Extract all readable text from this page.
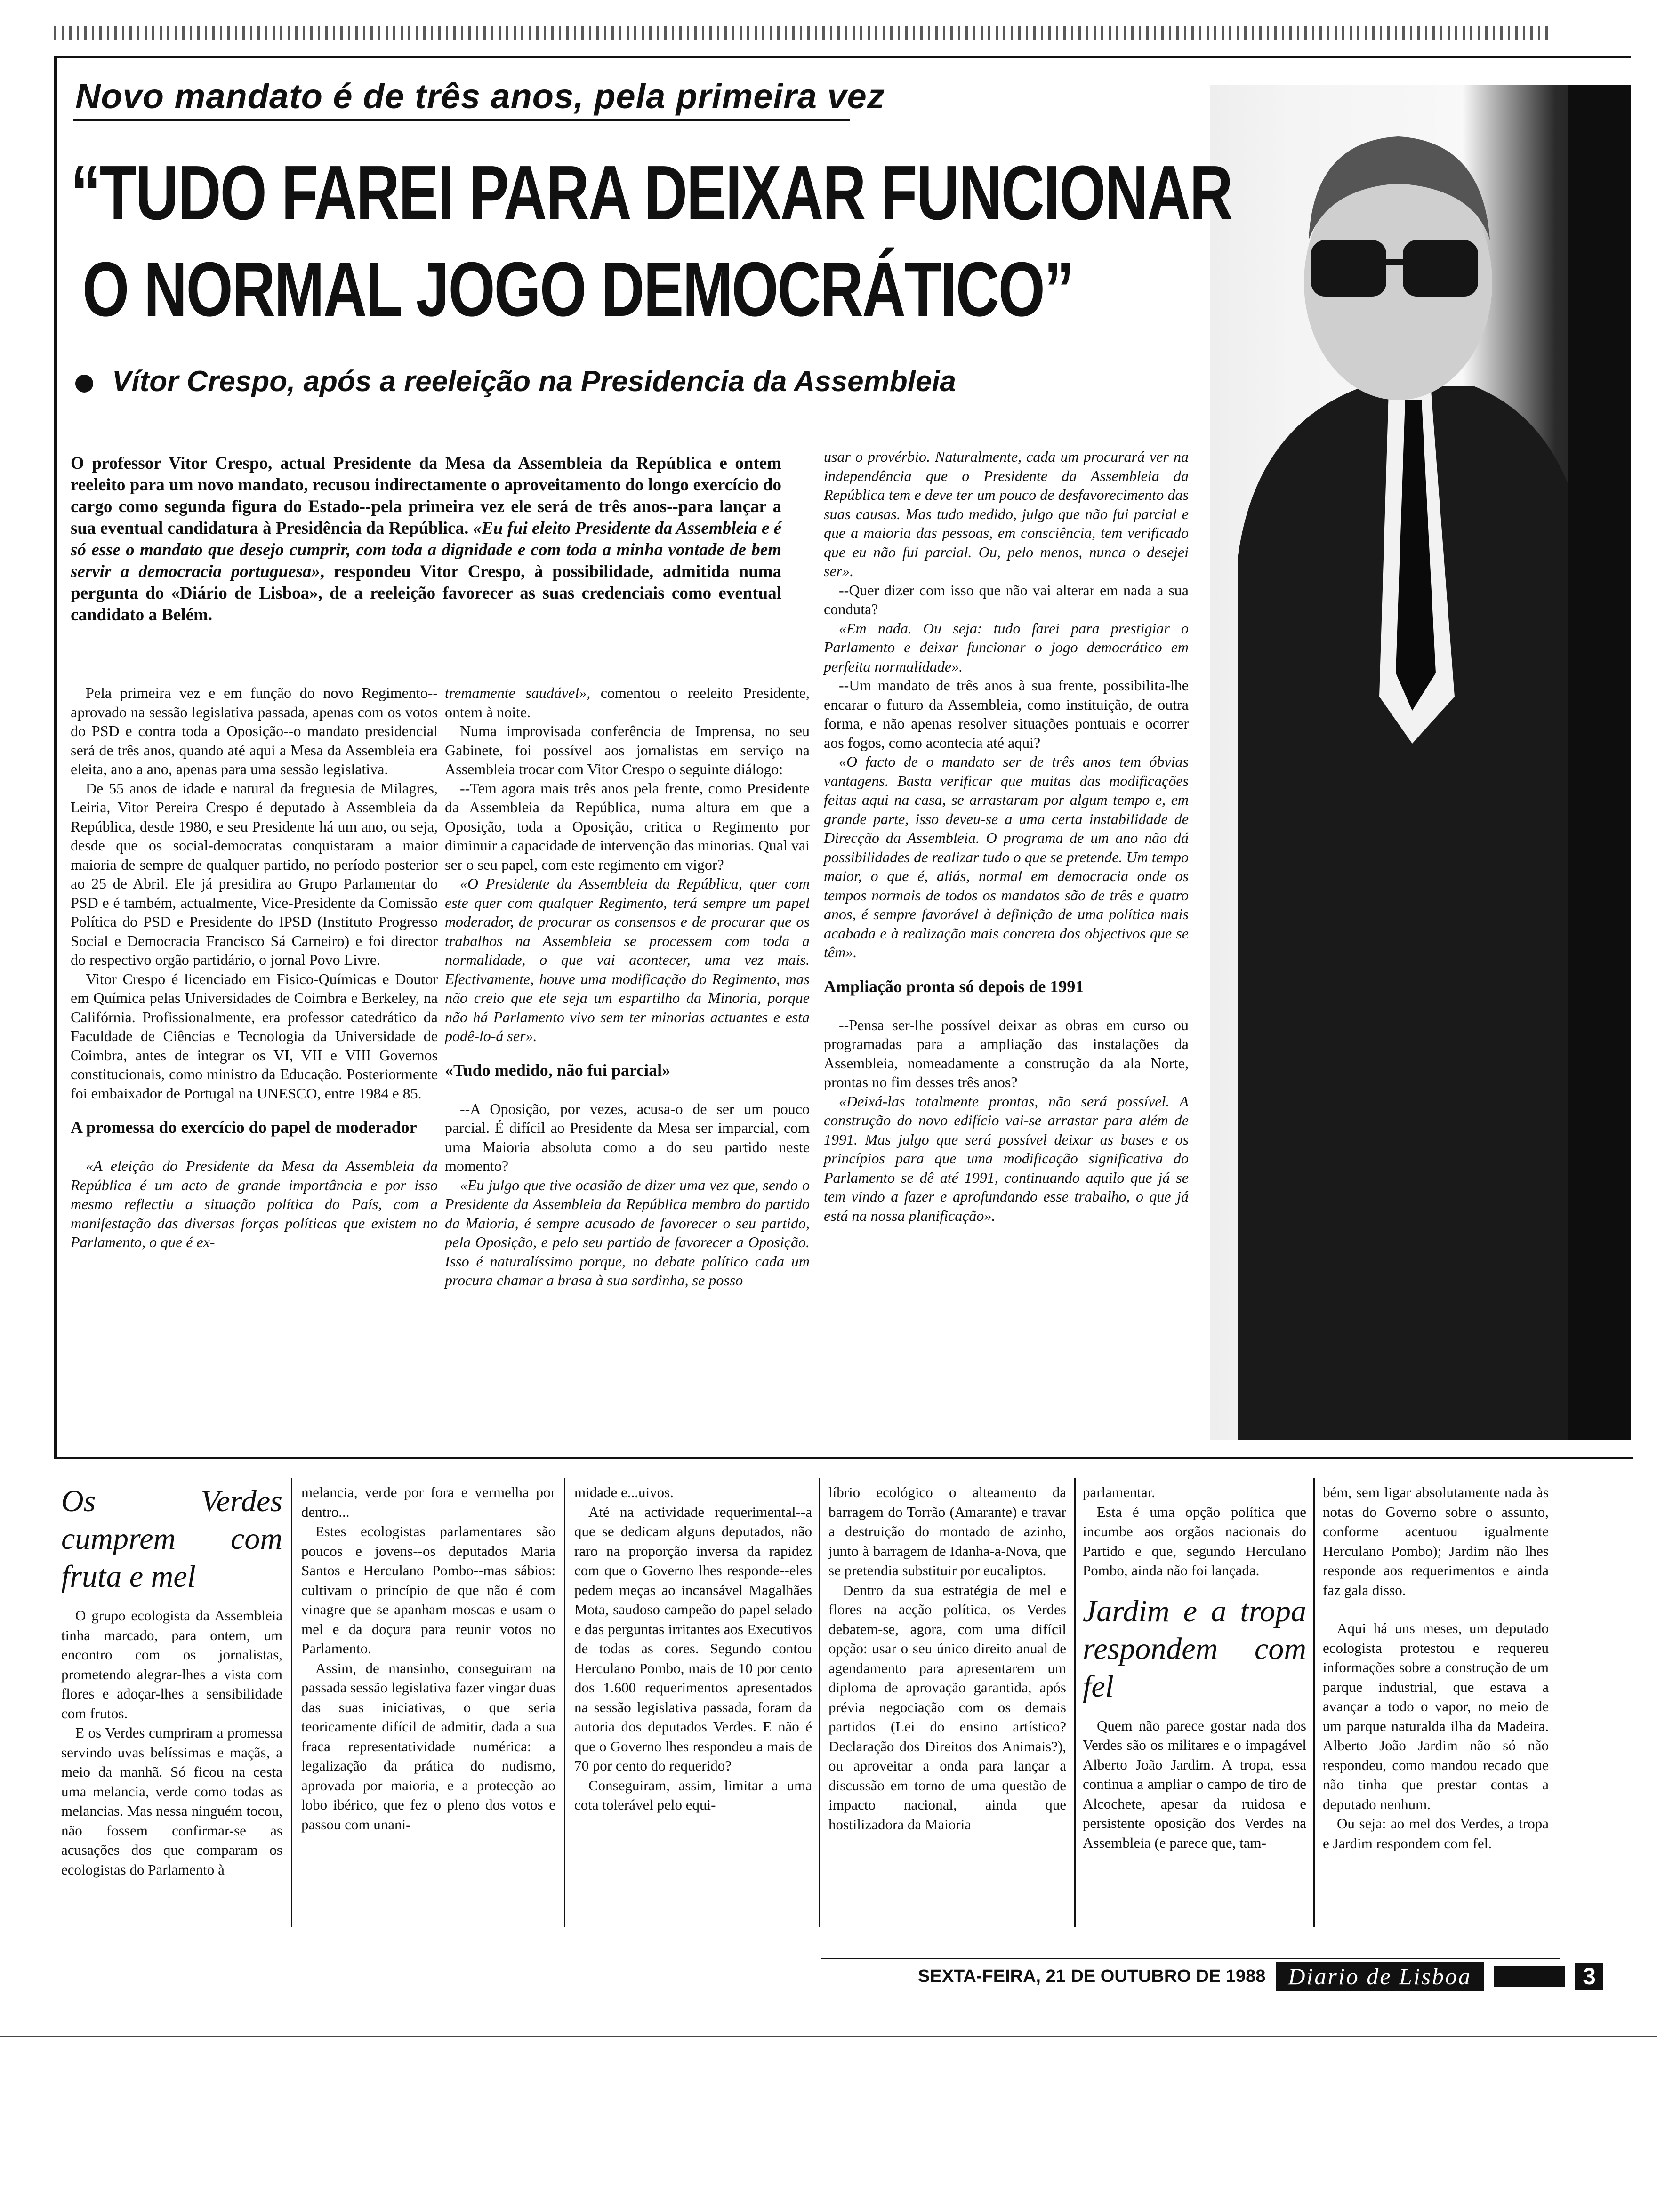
Novo mandato é de três anos, pela primeira vez
“TUDO FAREI PARA DEIXAR FUNCIONAR
O NORMAL JOGO DEMOCRÁTICO”
Vítor Crespo, após a reeleição na Presidencia da Assembleia
O professor Vitor Crespo, actual Presidente da Mesa da Assembleia da República e ontem reeleito para um novo mandato, recusou indirectamente o aproveitamento do longo exercício do cargo como segunda figura do Estado--pela primeira vez ele será de três anos--para lançar a sua eventual candidatura à Presidência da República. «Eu fui eleito Presidente da Assembleia e é só esse o mandato que desejo cumprir, com toda a dignidade e com toda a minha vontade de bem servir a democracia portuguesa», respondeu Vitor Crespo, à possibilidade, admitida numa pergunta do «Diário de Lisboa», de a reeleição favorecer as suas credenciais como eventual candidato a Belém.

Pela primeira vez e em função do novo Regimento--aprovado na sessão legislativa passada, apenas com os votos do PSD e contra toda a Oposição--o mandato presidencial será de três anos, quando até aqui a Mesa da Assembleia era eleita, ano a ano, apenas para uma sessão legislativa.

De 55 anos de idade e natural da freguesia de Milagres, Leiria, Vitor Pereira Crespo é deputado à Assembleia da República, desde 1980, e seu Presidente há um ano, ou seja, desde que os social-democratas conquistaram a maior maioria de sempre de qualquer partido, no período posterior ao 25 de Abril. Ele já presidira ao Grupo Parlamentar do PSD e é também, actualmente, Vice-Presidente da Comissão Política do PSD e Presidente do IPSD (Instituto Progresso Social e Democracia Francisco Sá Carneiro) e foi director do respectivo orgão partidário, o jornal Povo Livre.

Vitor Crespo é licenciado em Fisico-Químicas e Doutor em Química pelas Universidades de Coimbra e Berkeley, na Califórnia. Profissionalmente, era professor catedrático da Faculdade de Ciências e Tecnologia da Universidade de Coimbra, antes de integrar os VI, VII e VIII Governos constitucionais, como ministro da Educação. Posteriormente foi embaixador de Portugal na UNESCO, entre 1984 e 85.

A promessa do exercício do papel de moderador

«A eleição do Presidente da Mesa da Assembleia da República é um acto de grande importância e por isso mesmo reflectiu a situação política do País, com a manifestação das diversas forças políticas que existem no Parlamento, o que é ex-

tremamente saudável», comentou o reeleito Presidente, ontem à noite.

Numa improvisada conferência de Imprensa, no seu Gabinete, foi possível aos jornalistas em serviço na Assembleia trocar com Vitor Crespo o seguinte diálogo:

--Tem agora mais três anos pela frente, como Presidente da Assembleia da República, numa altura em que a Oposição, toda a Oposição, critica o Regimento por diminuir a capacidade de intervenção das minorias. Qual vai ser o seu papel, com este regimento em vigor?

«O Presidente da Assembleia da República, quer com este quer com qualquer Regimento, terá sempre um papel moderador, de procurar os consensos e de procurar que os trabalhos na Assembleia se processem com toda a normalidade, o que vai acontecer, uma vez mais. Efectivamente, houve uma modificação do Regimento, mas não creio que ele seja um espartilho da Minoria, porque não há Parlamento vivo sem ter minorias actuantes e esta podê-lo-á ser».

«Tudo medido, não fui parcial»

--A Oposição, por vezes, acusa-o de ser um pouco parcial. É difícil ao Presidente da Mesa ser imparcial, com uma Maioria absoluta como a do seu partido neste momento?

«Eu julgo que tive ocasião de dizer uma vez que, sendo o Presidente da Assembleia da República membro do partido da Maioria, é sempre acusado de favorecer o seu partido, pela Oposição, e pelo seu partido de favorecer a Oposição. Isso é naturalíssimo porque, no debate político cada um procura chamar a brasa à sua sardinha, se posso

usar o provérbio. Naturalmente, cada um procurará ver na independência que o Presidente da Assembleia da República tem e deve ter um pouco de desfavorecimento das suas causas. Mas tudo medido, julgo que não fui parcial e que a maioria das pessoas, em consciência, tem verificado que eu não fui parcial. Ou, pelo menos, nunca o desejei ser».

--Quer dizer com isso que não vai alterar em nada a sua conduta?

«Em nada. Ou seja: tudo farei para prestigiar o Parlamento e deixar funcionar o jogo democrático em perfeita normalidade».

--Um mandato de três anos à sua frente, possibilita-lhe encarar o futuro da Assembleia, como instituição, de outra forma, e não apenas resolver situações pontuais e ocorrer aos fogos, como acontecia até aqui?

«O facto de o mandato ser de três anos tem óbvias vantagens. Basta verificar que muitas das modificações feitas aqui na casa, se arrastaram por algum tempo e, em grande parte, isso deveu-se a uma certa instabilidade de Direcção da Assembleia. O programa de um ano não dá possibilidades de realizar tudo o que se pretende. Um tempo maior, o que é, aliás, normal em democracia onde os tempos normais de todos os mandatos são de três e quatro anos, é sempre favorável à definição de uma política mais acabada e à realização mais concreta dos objectivos que se têm».

Ampliação pronta só depois de 1991

--Pensa ser-lhe possível deixar as obras em curso ou programadas para a ampliação das instalações da Assembleia, nomeadamente a construção da ala Norte, prontas no fim desses três anos?

«Deixá-las totalmente prontas, não será possível. A construção do novo edifício vai-se arrastar para além de 1991. Mas julgo que será possível deixar as bases e os princípios para que uma modificação significativa do Parlamento se dê até 1991, continuando aquilo que já se tem vindo a fazer e aprofundando esse trabalho, o que já está na nossa planificação».

Os Verdes cumprem com fruta e mel

O grupo ecologista da Assembleia tinha marcado, para ontem, um encontro com os jornalistas, prometendo alegrar-lhes a vista com flores e adoçar-lhes a sensibilidade com frutos.

E os Verdes cumpriram a promessa servindo uvas belíssimas e maçãs, a meio da manhã. Só ficou na cesta uma melancia, verde como todas as melancias. Mas nessa ninguém tocou, não fossem confirmar-se as acusações dos que comparam os ecologistas do Parlamento à

melancia, verde por fora e vermelha por dentro...

Estes ecologistas parlamentares são poucos e jovens--os deputados Maria Santos e Herculano Pombo--mas sábios: cultivam o princípio de que não é com vinagre que se apanham moscas e usam o mel e da doçura para reunir votos no Parlamento.

Assim, de mansinho, conseguiram na passada sessão legislativa fazer vingar duas das suas iniciativas, o que seria teoricamente difícil de admitir, dada a sua fraca representatividade numérica: a legalização da prática do nudismo, aprovada por maioria, e a protecção ao lobo ibérico, que fez o pleno dos votos e passou com unani-

midade e...uivos.

Até na actividade requerimental--a que se dedicam alguns deputados, não raro na proporção inversa da rapidez com que o Governo lhes responde--eles pedem meças ao incansável Magalhães Mota, saudoso campeão do papel selado e das perguntas irritantes aos Executivos de todas as cores. Segundo contou Herculano Pombo, mais de 10 por cento dos 1.600 requerimentos apresentados na sessão legislativa passada, foram da autoria dos deputados Verdes. E não é que o Governo lhes respondeu a mais de 70 por cento do requerido?

Conseguiram, assim, limitar a uma cota tolerável pelo equi-

líbrio ecológico o alteamento da barragem do Torrão (Amarante) e travar a destruição do montado de azinho, junto à barragem de Idanha-a-Nova, que se pretendia substituir por eucaliptos.

Dentro da sua estratégia de mel e flores na acção política, os Verdes debatem-se, agora, com uma difícil opção: usar o seu único direito anual de agendamento para apresentarem um diploma de aprovação garantida, após prévia negociação com os demais partidos (Lei do ensino artístico? Declaração dos Direitos dos Animais?), ou aproveitar a onda para lançar a discussão em torno de uma questão de impacto nacional, ainda que hostilizadora da Maioria

parlamentar.

Esta é uma opção política que incumbe aos orgãos nacionais do Partido e que, segundo Herculano Pombo, ainda não foi lançada.

Jardim e a tropa respondem com fel

Quem não parece gostar nada dos Verdes são os militares e o impagável Alberto João Jardim. A tropa, essa continua a ampliar o campo de tiro de Alcochete, apesar da ruidosa e persistente oposição dos Verdes na Assembleia (e parece que, tam-

bém, sem ligar absolutamente nada às notas do Governo sobre o assunto, conforme acentuou igualmente Herculano Pombo); Jardim não lhes responde aos requerimentos e ainda faz gala disso.

Aqui há uns meses, um deputado ecologista protestou e requereu informações sobre a construção de um parque industrial, que estava a avançar a todo o vapor, no meio de um parque naturalda ilha da Madeira. Alberto João Jardim não só não respondeu, como mandou recado que não tinha que prestar contas a deputado nenhum.

Ou seja: ao mel dos Verdes, a tropa e Jardim respondem com fel.

SEXTA-FEIRA, 21 DE OUTUBRO DE 1988 Diario de Lisboa	3
